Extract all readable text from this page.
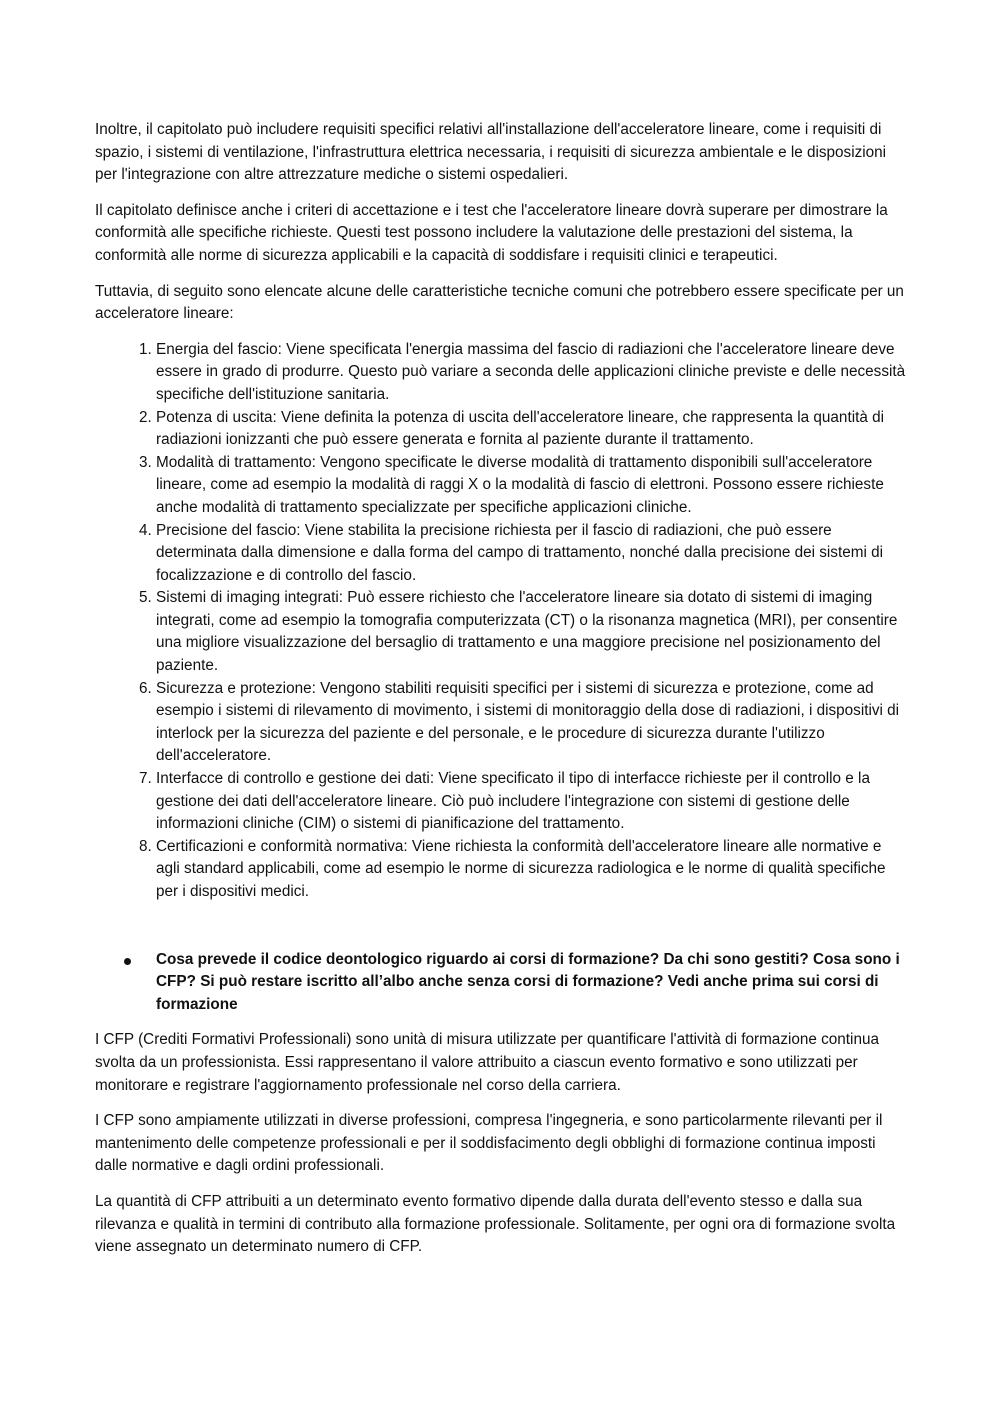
Inoltre, il capitolato può includere requisiti specifici relativi all'installazione dell'acceleratore lineare, come i requisiti di spazio, i sistemi di ventilazione, l'infrastruttura elettrica necessaria, i requisiti di sicurezza ambientale e le disposizioni per l'integrazione con altre attrezzature mediche o sistemi ospedalieri.

Il capitolato definisce anche i criteri di accettazione e i test che l'acceleratore lineare dovrà superare per dimostrare la conformità alle specifiche richieste. Questi test possono includere la valutazione delle prestazioni del sistema, la conformità alle norme di sicurezza applicabili e la capacità di soddisfare i requisiti clinici e terapeutici.

Tuttavia, di seguito sono elencate alcune delle caratteristiche tecniche comuni che potrebbero essere specificate per un acceleratore lineare:

1. Energia del fascio: Viene specificata l'energia massima del fascio di radiazioni che l'acceleratore lineare deve essere in grado di produrre. Questo può variare a seconda delle applicazioni cliniche previste e delle necessità specifiche dell'istituzione sanitaria.
2. Potenza di uscita: Viene definita la potenza di uscita dell'acceleratore lineare, che rappresenta la quantità di radiazioni ionizzanti che può essere generata e fornita al paziente durante il trattamento.
3. Modalità di trattamento: Vengono specificate le diverse modalità di trattamento disponibili sull'acceleratore lineare, come ad esempio la modalità di raggi X o la modalità di fascio di elettroni. Possono essere richieste anche modalità di trattamento specializzate per specifiche applicazioni cliniche.
4. Precisione del fascio: Viene stabilita la precisione richiesta per il fascio di radiazioni, che può essere determinata dalla dimensione e dalla forma del campo di trattamento, nonché dalla precisione dei sistemi di focalizzazione e di controllo del fascio.
5. Sistemi di imaging integrati: Può essere richiesto che l'acceleratore lineare sia dotato di sistemi di imaging integrati, come ad esempio la tomografia computerizzata (CT) o la risonanza magnetica (MRI), per consentire una migliore visualizzazione del bersaglio di trattamento e una maggiore precisione nel posizionamento del paziente.
6. Sicurezza e protezione: Vengono stabiliti requisiti specifici per i sistemi di sicurezza e protezione, come ad esempio i sistemi di rilevamento di movimento, i sistemi di monitoraggio della dose di radiazioni, i dispositivi di interlock per la sicurezza del paziente e del personale, e le procedure di sicurezza durante l'utilizzo dell'acceleratore.
7. Interfacce di controllo e gestione dei dati: Viene specificato il tipo di interfacce richieste per il controllo e la gestione dei dati dell'acceleratore lineare. Ciò può includere l'integrazione con sistemi di gestione delle informazioni cliniche (CIM) o sistemi di pianificazione del trattamento.
8. Certificazioni e conformità normativa: Viene richiesta la conformità dell'acceleratore lineare alle normative e agli standard applicabili, come ad esempio le norme di sicurezza radiologica e le norme di qualità specifiche per i dispositivi medici.
Cosa prevede il codice deontologico riguardo ai corsi di formazione? Da chi sono gestiti? Cosa sono i CFP? Si può restare iscritto all’albo anche senza corsi di formazione? Vedi anche prima sui corsi di formazione

I CFP (Crediti Formativi Professionali) sono unità di misura utilizzate per quantificare l'attività di formazione continua svolta da un professionista. Essi rappresentano il valore attribuito a ciascun evento formativo e sono utilizzati per monitorare e registrare l'aggiornamento professionale nel corso della carriera.

I CFP sono ampiamente utilizzati in diverse professioni, compresa l'ingegneria, e sono particolarmente rilevanti per il mantenimento delle competenze professionali e per il soddisfacimento degli obblighi di formazione continua imposti dalle normative e dagli ordini professionali.

La quantità di CFP attribuiti a un determinato evento formativo dipende dalla durata dell'evento stesso e dalla sua rilevanza e qualità in termini di contributo alla formazione professionale. Solitamente, per ogni ora di formazione svolta viene assegnato un determinato numero di CFP.
